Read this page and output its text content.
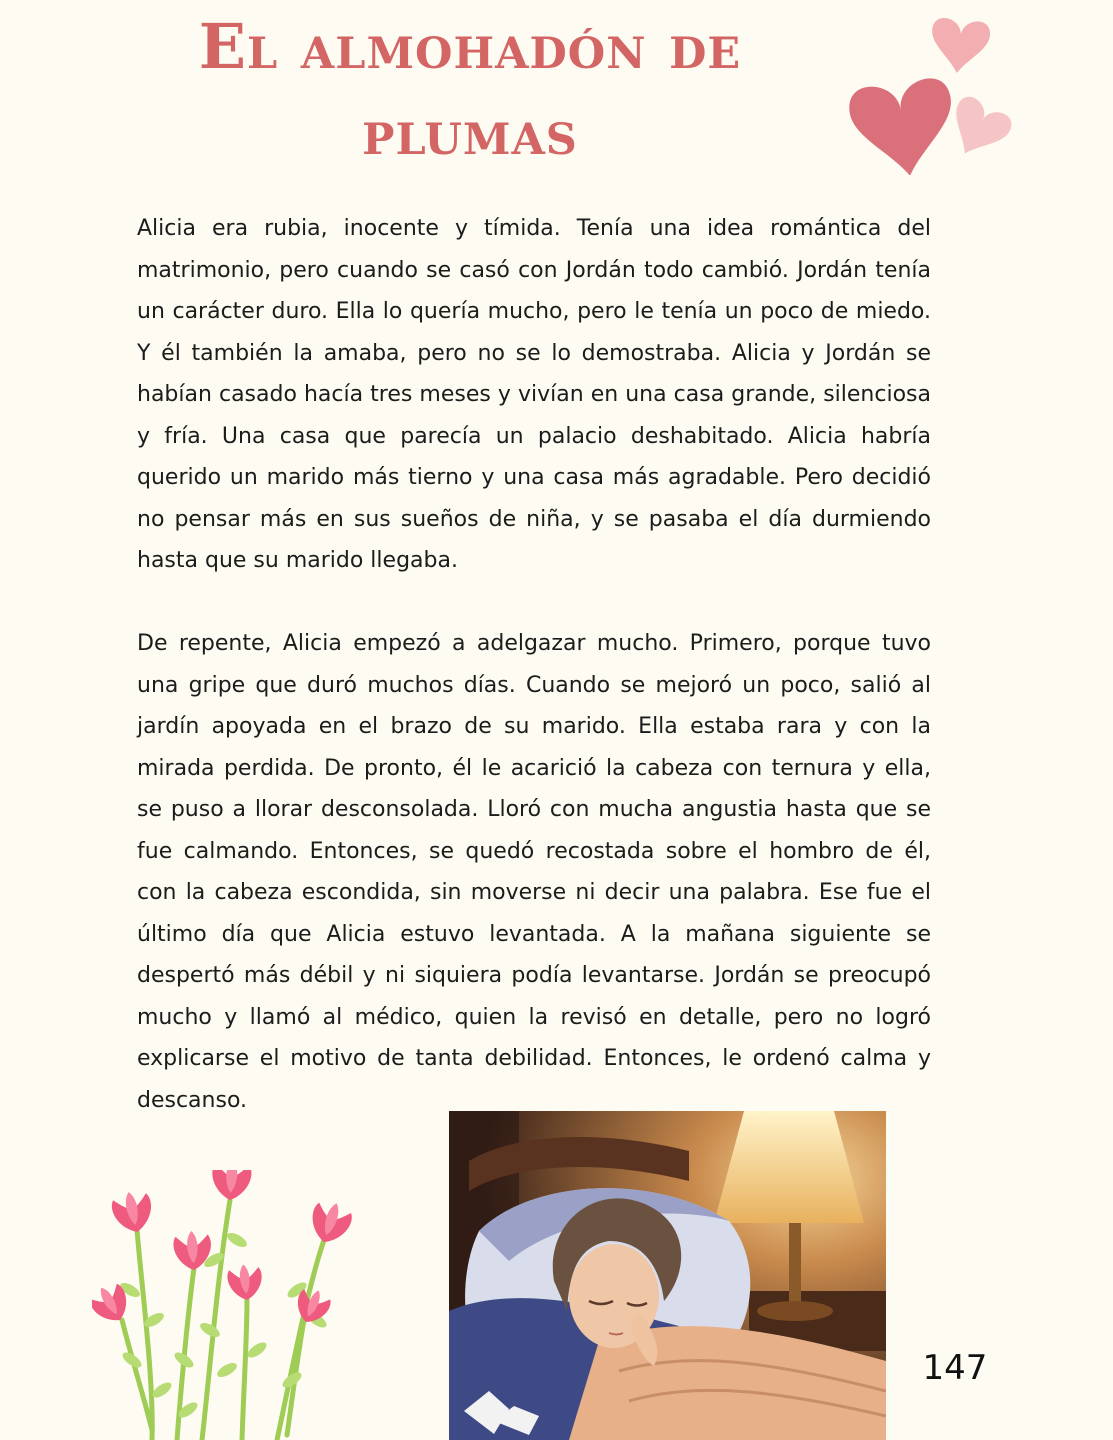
El almohadón de plumas

Alicia era rubia, inocente y tímida. Tenía una idea romántica del matrimonio, pero cuando se casó con Jordán todo cambió. Jordán tenía un carácter duro. Ella lo quería mucho, pero le tenía un poco de miedo. Y él también la amaba, pero no se lo demostraba. Alicia y Jordán se habían casado hacía tres meses y vivían en una casa grande, silenciosa y fría. Una casa que parecía un palacio deshabitado. Alicia habría querido un marido más tierno y una casa más agradable. Pero decidió no pensar más en sus sueños de niña, y se pasaba el día durmiendo hasta que su marido llegaba.

De repente, Alicia empezó a adelgazar mucho. Primero, porque tuvo una gripe que duró muchos días. Cuando se mejoró un poco, salió al jardín apoyada en el brazo de su marido. Ella estaba rara y con la mirada perdida. De pronto, él le acarició la cabeza con ternura y ella, se puso a llorar desconsolada. Lloró con mucha angustia hasta que se fue calmando. Entonces, se quedó recostada sobre el hombro de él, con la cabeza escondida, sin moverse ni decir una palabra. Ese fue el último día que Alicia estuvo levantada. A la mañana siguiente se despertó más débil y ni siquiera podía levantarse. Jordán se preocupó mucho y llamó al médico, quien la revisó en detalle, pero no logró explicarse el motivo de tanta debilidad. Entonces, le ordenó calma y descanso.

147
